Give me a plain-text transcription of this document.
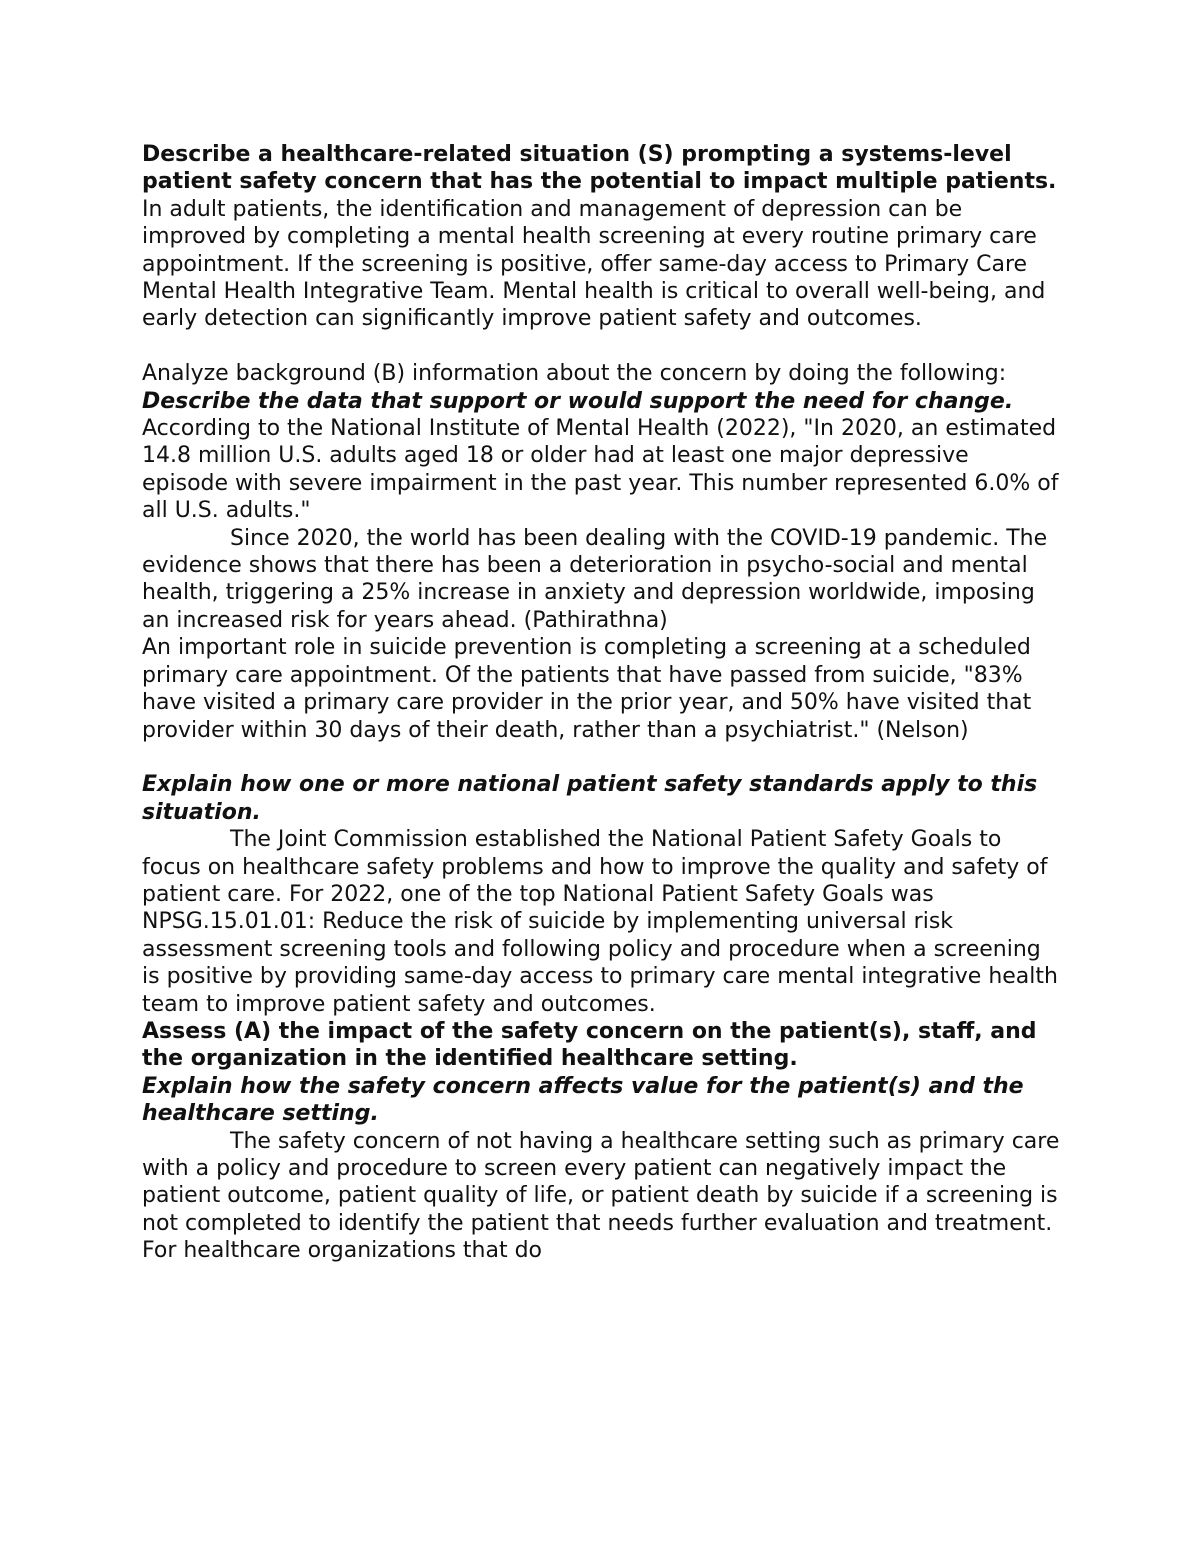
Describe a healthcare-related situation (S) prompting a systems-level patient safety concern that has the potential to impact multiple patients.

In adult patients, the identification and management of depression can be improved by completing a mental health screening at every routine primary care appointment. If the screening is positive, offer same-day access to Primary Care Mental Health Integrative Team. Mental health is critical to overall well-being, and early detection can significantly improve patient safety and outcomes.

Analyze background (B) information about the concern by doing the following:

Describe the data that support or would support the need for change.

According to the National Institute of Mental Health (2022), "In 2020, an estimated 14.8 million U.S. adults aged 18 or older had at least one major depressive episode with severe impairment in the past year. This number represented 6.0% of all U.S. adults."

Since 2020, the world has been dealing with the COVID-19 pandemic. The evidence shows that there has been a deterioration in psycho-social and mental health, triggering a 25% increase in anxiety and depression worldwide, imposing an increased risk for years ahead. (Pathirathna)

An important role in suicide prevention is completing a screening at a scheduled primary care appointment. Of the patients that have passed from suicide, "83% have visited a primary care provider in the prior year, and 50% have visited that provider within 30 days of their death, rather than a psychiatrist." (Nelson)

Explain how one or more national patient safety standards apply to this situation.

The Joint Commission established the National Patient Safety Goals to focus on healthcare safety problems and how to improve the quality and safety of patient care. For 2022, one of the top National Patient Safety Goals was NPSG.15.01.01: Reduce the risk of suicide by implementing universal risk assessment screening tools and following policy and procedure when a screening is positive by providing same-day access to primary care mental integrative health team to improve patient safety and outcomes.

Assess (A) the impact of the safety concern on the patient(s), staff, and the organization in the identified healthcare setting.

Explain how the safety concern affects value for the patient(s) and the healthcare setting.

The safety concern of not having a healthcare setting such as primary care with a policy and procedure to screen every patient can negatively impact the patient outcome, patient quality of life, or patient death by suicide if a screening is not completed to identify the patient that needs further evaluation and treatment. For healthcare organizations that do
